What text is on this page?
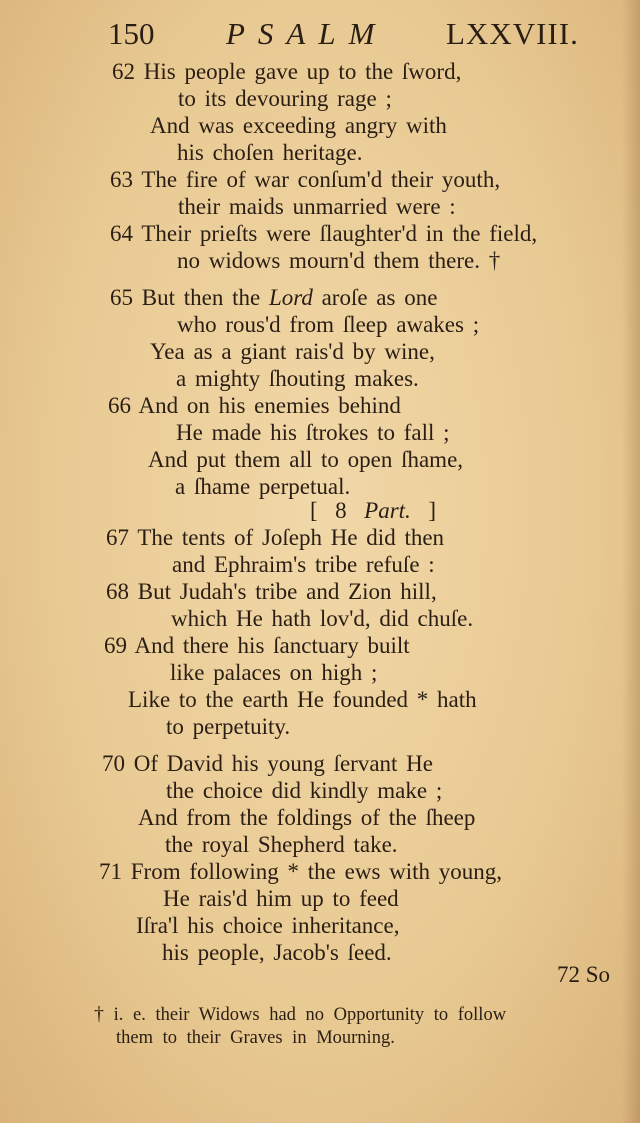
150 PSALM LXXVIII.
62 His people gave up to the ſword,
to its devouring rage ;
And was exceeding angry with
his choſen heritage.
63 The fire of war conſum'd their youth,
their maids unmarried were :
64 Their prieſts were ſlaughter'd in the field,
no widows mourn'd them there. †
65 But then the Lord aroſe as one
who rous'd from ſleep awakes ;
Yea as a giant rais'd by wine,
a mighty ſhouting makes.
66 And on his enemies behind
He made his ſtrokes to fall ;
And put them all to open ſhame,
a ſhame perpetual.
[ 8 Part. ]
67 The tents of Joſeph He did then
and Ephraim's tribe refuſe :
68 But Judah's tribe and Zion hill,
which He hath lov'd, did chuſe.
69 And there his ſanctuary built
like palaces on high ;
Like to the earth He founded * hath
to perpetuity.
70 Of David his young ſervant He
the choice did kindly make ;
And from the foldings of the ſheep
the royal Shepherd take.
71 From following * the ews with young,
He rais'd him up to feed
Iſra'l his choice inheritance,
his people, Jacob's ſeed.
72 So
† i. e. their Widows had no Opportunity to follow
them to their Graves in Mourning.
